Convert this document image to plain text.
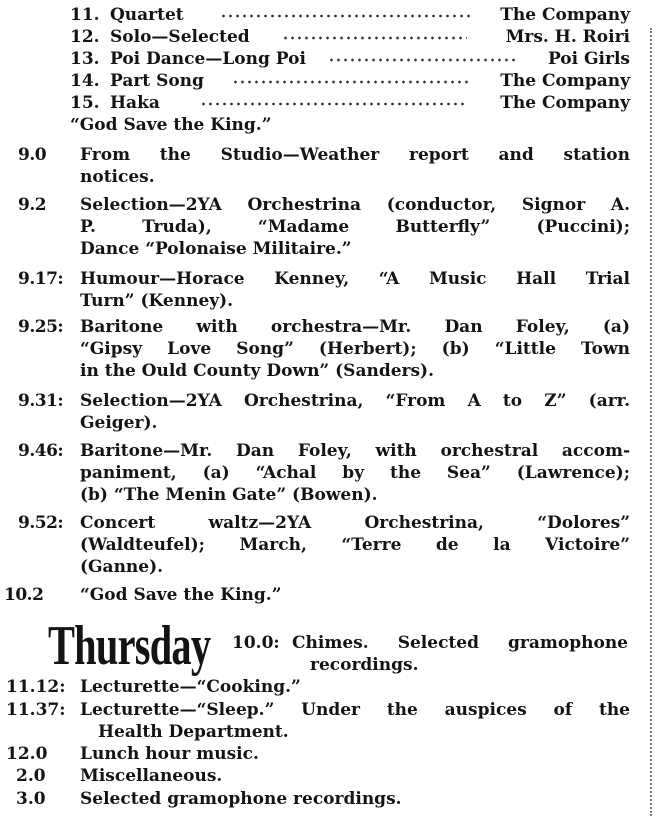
11. Quartet	The Company
12. Solo—Selected	Mrs. H. Roiri
13. Poi Dance—Long Poi	Poi Girls
14. Part Song	The Company
15. Haka	The Company
“God Save the King.”
9.0 From the Studio—Weather report and station
notices.
9.2 Selection—2YA Orchestrina (conductor, Signor A.
P. Truda), “Madame Butterfly” (Puccini);
Dance “Polonaise Militaire.”
9.17: Humour—Horace Kenney, “A Music Hall Trial
Turn” (Kenney).
9.25: Baritone with orchestra—Mr. Dan Foley, (a)
“Gipsy Love Song” (Herbert); (b) “Little Town
in the Ould County Down” (Sanders).
9.31: Selection—2YA Orchestrina, “From A to Z” (arr.
Geiger).
9.46: Baritone—Mr. Dan Foley, with orchestral accom-
paniment, (a) “Achal by the Sea” (Lawrence);
(b) “The Menin Gate” (Bowen).
9.52: Concert waltz—2YA Orchestrina, “Dolores”
(Waldteufel); March, “Terre de la Victoire”
(Ganne).
10.2 “God Save the King.”
Thursday 10.0: Chimes. Selected gramophone
recordings.
11.12: Lecturette—“Cooking.”
11.37: Lecturette—“Sleep.” Under the auspices of the
Health Department.
12.0 Lunch hour music.
2.0 Miscellaneous.
3.0 Selected gramophone recordings.
